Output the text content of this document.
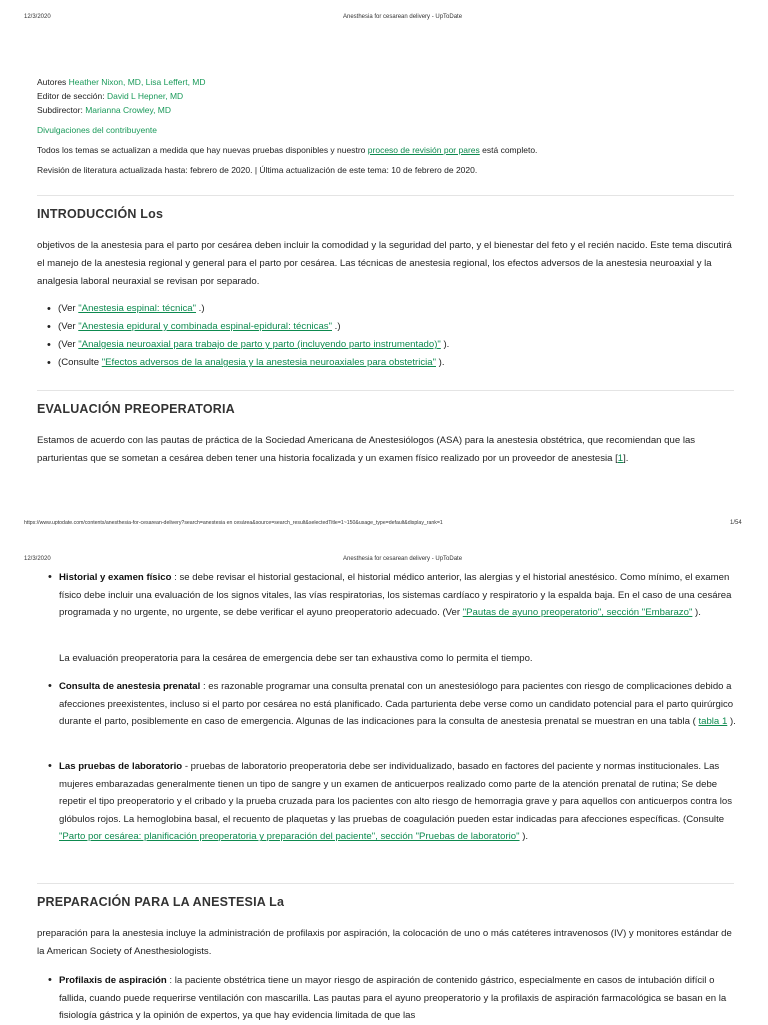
12/3/2020	Anesthesia for cesarean delivery - UpToDate
Autores Heather Nixon, MD, Lisa Leffert, MD
Editor de sección: David L Hepner, MD
Subdirector: Marianna Crowley, MD
Divulgaciones del contribuyente
Todos los temas se actualizan a medida que hay nuevas pruebas disponibles y nuestro proceso de revisión por pares está completo.
Revisión de literatura actualizada hasta: febrero de 2020. | Última actualización de este tema: 10 de febrero de 2020.
INTRODUCCIÓN Los
objetivos de la anestesia para el parto por cesárea deben incluir la comodidad y la seguridad del parto, y el bienestar del feto y el recién nacido. Este tema discutirá el manejo de la anestesia regional y general para el parto por cesárea. Las técnicas de anestesia regional, los efectos adversos de la anestesia neuroaxial y la analgesia laboral neuraxial se revisan por separado.
• (Ver "Anestesia espinal: técnica" .)
• (Ver "Anestesia epidural y combinada espinal-epidural: técnicas" .)
• (Ver "Analgesia neuroaxial para trabajo de parto y parto (incluyendo parto instrumentado)" ).
• (Consulte "Efectos adversos de la analgesia y la anestesia neuroaxiales para obstetricia" ).
EVALUACIÓN PREOPERATORIA
Estamos de acuerdo con las pautas de práctica de la Sociedad Americana de Anestesiólogos (ASA) para la anestesia obstétrica, que recomiendan que las parturientas que se sometan a cesárea deben tener una historia focalizada y un examen físico realizado por un proveedor de anestesia [1].
https://www.uptodate.com/contents/anesthesia-for-cesarean-delivery?search=anestesia en cesárea&source=search_result&selectedTitle=1~150&usage_type=default&display_rank=1	1/54
12/3/2020	Anesthesia for cesarean delivery - UpToDate
• Historial y examen físico : se debe revisar el historial gestacional, el historial médico anterior, las alergias y el historial anestésico. Como mínimo, el examen físico debe incluir una evaluación de los signos vitales, las vías respiratorias, los sistemas cardíaco y respiratorio y la espalda baja. En el caso de una cesárea programada y no urgente, no urgente, se debe verificar el ayuno preoperatorio adecuado. (Ver "Pautas de ayuno preoperatorio", sección "Embarazo" ).
La evaluación preoperatoria para la cesárea de emergencia debe ser tan exhaustiva como lo permita el tiempo.
• Consulta de anestesia prenatal : es razonable programar una consulta prenatal con un anestesiólogo para pacientes con riesgo de complicaciones debido a afecciones preexistentes, incluso si el parto por cesárea no está planificado. Cada parturienta debe verse como un candidato potencial para el parto quirúrgico durante el parto, posiblemente en caso de emergencia. Algunas de las indicaciones para la consulta de anestesia prenatal se muestran en una tabla ( tabla 1 ).
• Las pruebas de laboratorio - pruebas de laboratorio preoperatoria debe ser individualizado, basado en factores del paciente y normas institucionales. Las mujeres embarazadas generalmente tienen un tipo de sangre y un examen de anticuerpos realizado como parte de la atención prenatal de rutina; Se debe repetir el tipo preoperatorio y el cribado y la prueba cruzada para los pacientes con alto riesgo de hemorragia grave y para aquellos con anticuerpos contra los glóbulos rojos. La hemoglobina basal, el recuento de plaquetas y las pruebas de coagulación pueden estar indicadas para afecciones específicas. (Consulte "Parto por cesárea: planificación preoperatoria y preparación del paciente", sección "Pruebas de laboratorio" ).
PREPARACIÓN PARA LA ANESTESIA La
preparación para la anestesia incluye la administración de profilaxis por aspiración, la colocación de uno o más catéteres intravenosos (IV) y monitores estándar de la American Society of Anesthesiologists.
• Profilaxis de aspiración : la paciente obstétrica tiene un mayor riesgo de aspiración de contenido gástrico, especialmente en casos de intubación difícil o fallida, cuando puede requerirse ventilación con mascarilla. Las pautas para el ayuno preoperatorio y la profilaxis de aspiración farmacológica se basan en la fisiología gástrica y la opinión de expertos, ya que hay evidencia limitada de que las
